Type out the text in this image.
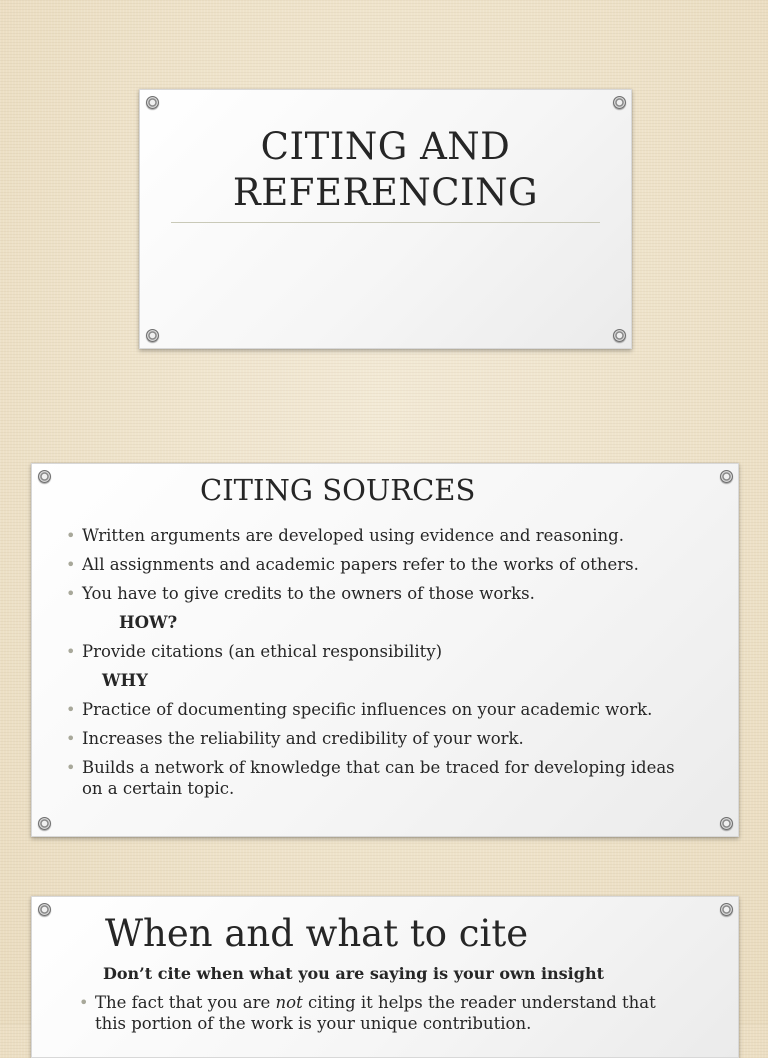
CITING AND
REFERENCING
CITING SOURCES
• Written arguments are developed using evidence and reasoning.
• All assignments and academic papers refer to the works of others.
• You have to give credits to the owners of those works.
HOW?
• Provide citations (an ethical responsibility)
WHY
• Practice of documenting specific influences on your academic work.
• Increases the reliability and credibility of your work.
• Builds a network of knowledge that can be traced for developing ideas on a certain topic.
When and what to cite
Don’t cite when what you are saying is your own insight
• The fact that you are not citing it helps the reader understand that this portion of the work is your unique contribution.
